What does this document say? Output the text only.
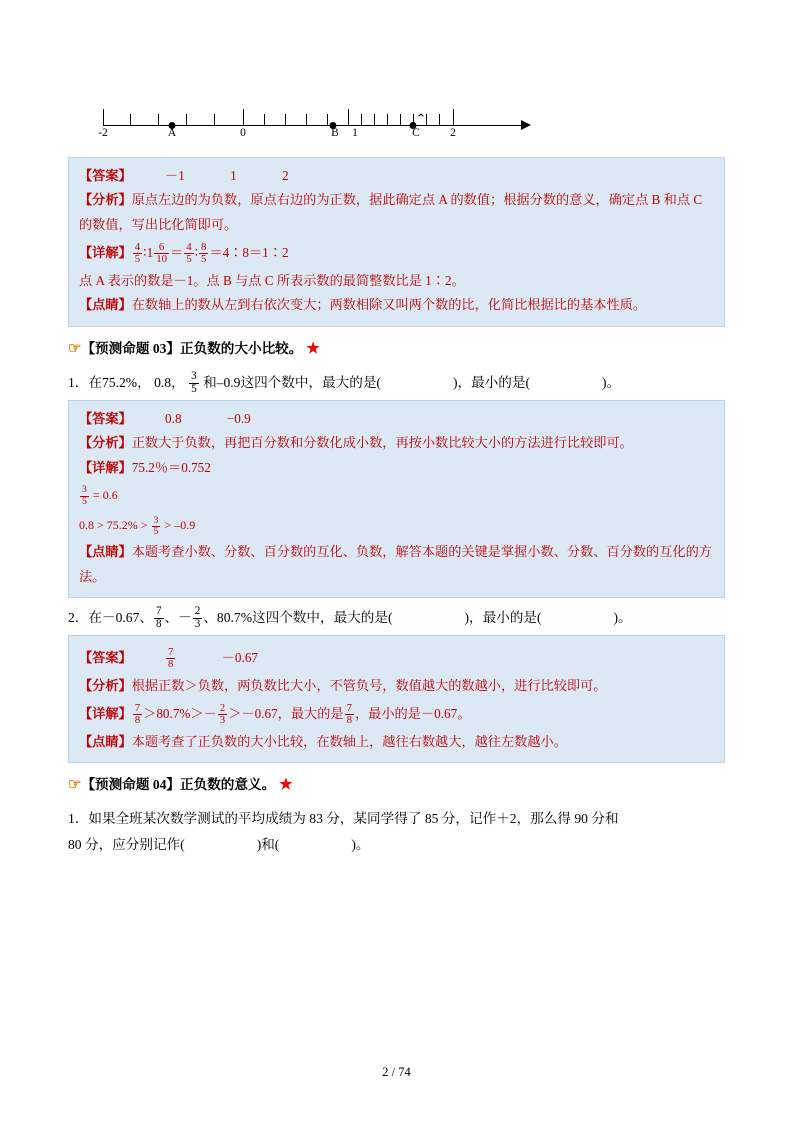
-2	0	1	2
A	B	C
⌃
【答案】	－1	1	2
【分析】原点左边的为负数，原点右边的为正数，据此确定点 A 的数值；根据分数的意义，确定点 B 和点 C 的数值，写出比化简即可。
【详解】 $\frac{4}{5}$ ∶1 $\frac{6}{10} = \frac{4}{5}$ ∶ $\frac{8}{5}$ ＝4∶8＝1∶2
点 A 表示的数是－1。点 B 与点 C 所表示数的最简整数比是 1∶2。
【点睛】在数轴上的数从左到右依次变大；两数相除又叫两个数的比，化简比根据比的基本性质。
☞【预测命题 03】正负数的大小比较。 ★
1．在75.2%， 0.8， $\frac{3}{5}$ 和–0.9这四个数中，最大的是(	)，最小的是(	)。
【答案】	0.8	−0.9
【分析】正数大于负数，再把百分数和分数化成小数，再按小数比较大小的方法进行比较即可。
【详解】75.2％＝0.752
$\frac{3}{5} = 0.6$
$0.8 > 75.2\% > \frac{3}{5} > -0.9$
【点睛】本题考查小数、分数、百分数的互化、负数，解答本题的关键是掌握小数、分数、百分数的互化的方法。
2．在－0.67、 $\frac{7}{8}$ 、－ $\frac{2}{3}$ 、80.7%这四个数中，最大的是(	)，最小的是(	)。
【答案】	$\frac{7}{8}$	－0.67
【分析】根据正数＞负数，两负数比大小，不管负号，数值越大的数越小，进行比较即可。
【详解】 $\frac{7}{8} >80.7\%>- \frac{2}{3} >-0.67$，最大的是 $\frac{7}{8}$ ，最小的是－0.67。
【点睛】本题考查了正负数的大小比较，在数轴上，越往右数越大，越往左数越小。
☞【预测命题 04】正负数的意义。 ★
1．如果全班某次数学测试的平均成绩为 83 分，某同学得了 85 分，记作＋2，那么得 90 分和
80 分，应分别记作(	)和(	)。
2 / 74
